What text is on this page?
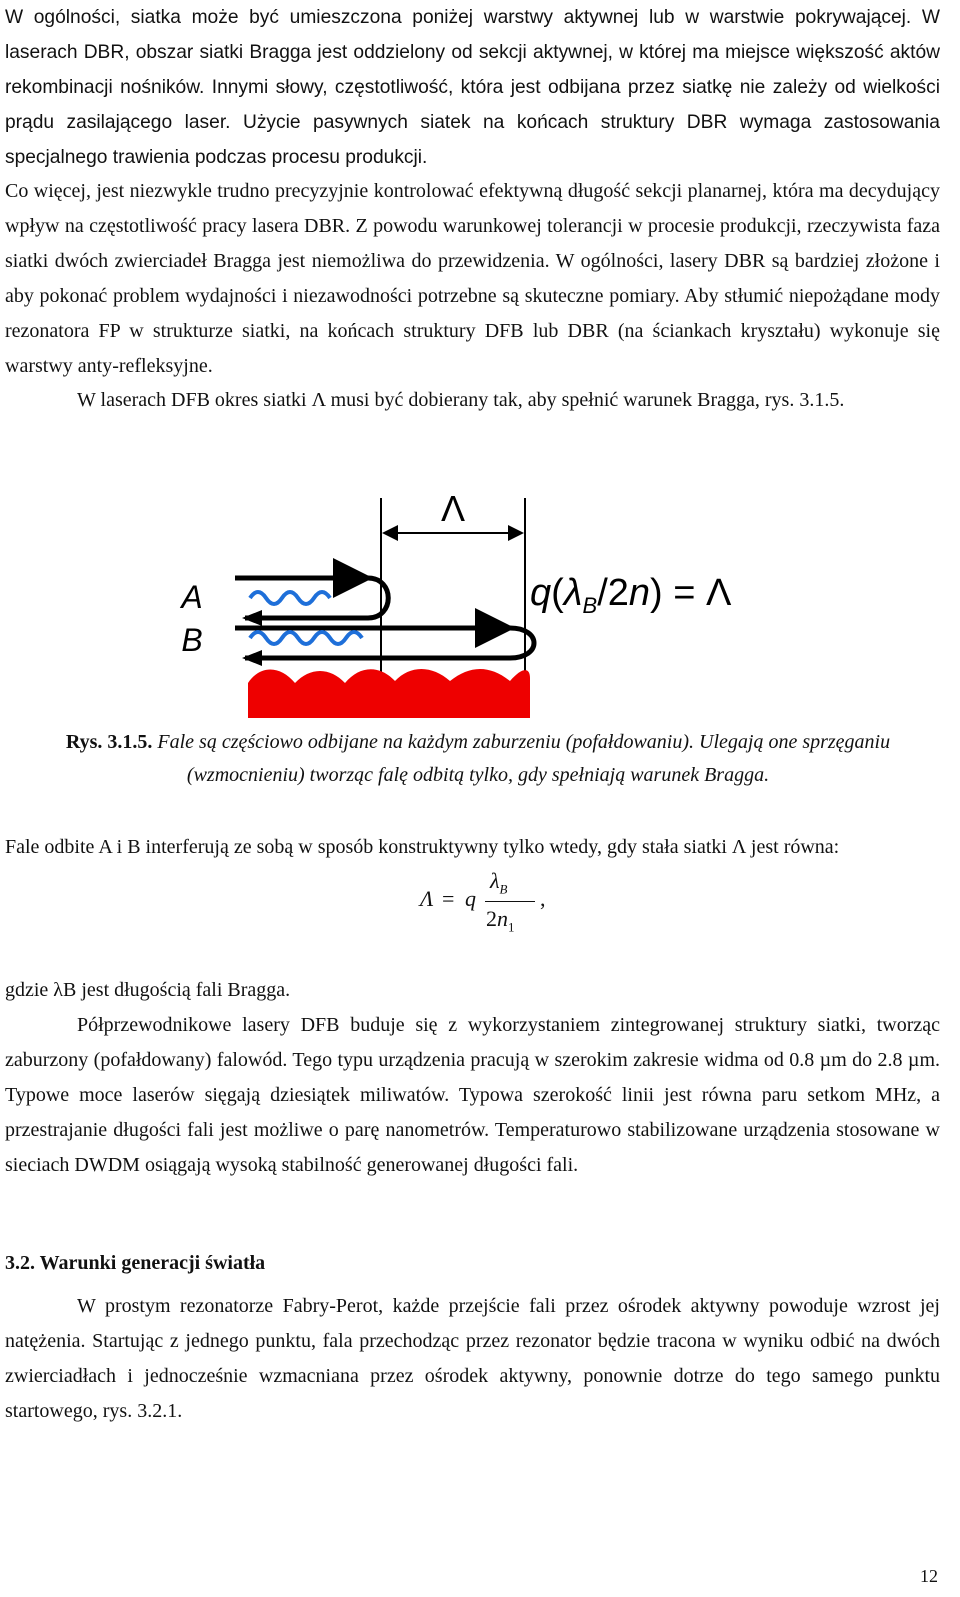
W ogólności, siatka może być umieszczona poniżej warstwy aktywnej lub w warstwie pokrywającej. W laserach DBR, obszar siatki Bragga jest oddzielony od sekcji aktywnej, w której ma miejsce większość aktów rekombinacji nośników. Innymi słowy, częstotliwość, która jest odbijana przez siatkę nie zależy od wielkości prądu zasilającego laser. Użycie pasywnych siatek na końcach struktury DBR wymaga zastosowania specjalnego trawienia podczas procesu produkcji.

Co więcej, jest niezwykle trudno precyzyjnie kontrolować efektywną długość sekcji planarnej, która ma decydujący wpływ na częstotliwość pracy lasera DBR. Z powodu warunkowej tolerancji w procesie produkcji, rzeczywista faza siatki dwóch zwierciadeł Bragga jest niemożliwa do przewidzenia. W ogólności, lasery DBR są bardziej złożone i aby pokonać problem wydajności i niezawodności potrzebne są skuteczne pomiary. Aby stłumić niepożądane mody rezonatora FP w strukturze siatki, na końcach struktury DFB lub DBR (na ściankach kryształu) wykonuje się warstwy anty-refleksyjne.

W laserach DFB okres siatki Λ musi być dobierany tak, aby spełnić warunek Bragga, rys. 3.1.5.

Λ
A
B
$q(\lambda_B/2n) = \Lambda$

Rys. 3.1.5. Fale są częściowo odbijane na każdym zaburzeniu (pofałdowaniu). Ulegają one sprzęganiu (wzmocnieniu) tworząc falę odbitą tylko, gdy spełniają warunek Bragga.

Fale odbite A i B interferują ze sobą w sposób konstruktywny tylko wtedy, gdy stała siatki Λ jest równa:

Λ = q
$\lambda_B$
$2n_1$
,

gdzie λB jest długością fali Bragga.

Półprzewodnikowe lasery DFB buduje się z wykorzystaniem zintegrowanej struktury siatki, tworząc zaburzony (pofałdowany) falowód. Tego typu urządzenia pracują w szerokim zakresie widma od 0.8 µm do 2.8 µm. Typowe moce laserów sięgają dziesiątek miliwatów. Typowa szerokość linii jest równa paru setkom MHz, a przestrajanie długości fali jest możliwe o parę nanometrów. Temperaturowo stabilizowane urządzenia stosowane w sieciach DWDM osiągają wysoką stabilność generowanej długości fali.

3.2. Warunki generacji światła

W prostym rezonatorze Fabry-Perot, każde przejście fali przez ośrodek aktywny powoduje wzrost jej natężenia. Startując z jednego punktu, fala przechodząc przez rezonator będzie tracona w wyniku odbić na dwóch zwierciadłach i jednocześnie wzmacniana przez ośrodek aktywny, ponownie dotrze do tego samego punktu startowego, rys. 3.2.1.

12
